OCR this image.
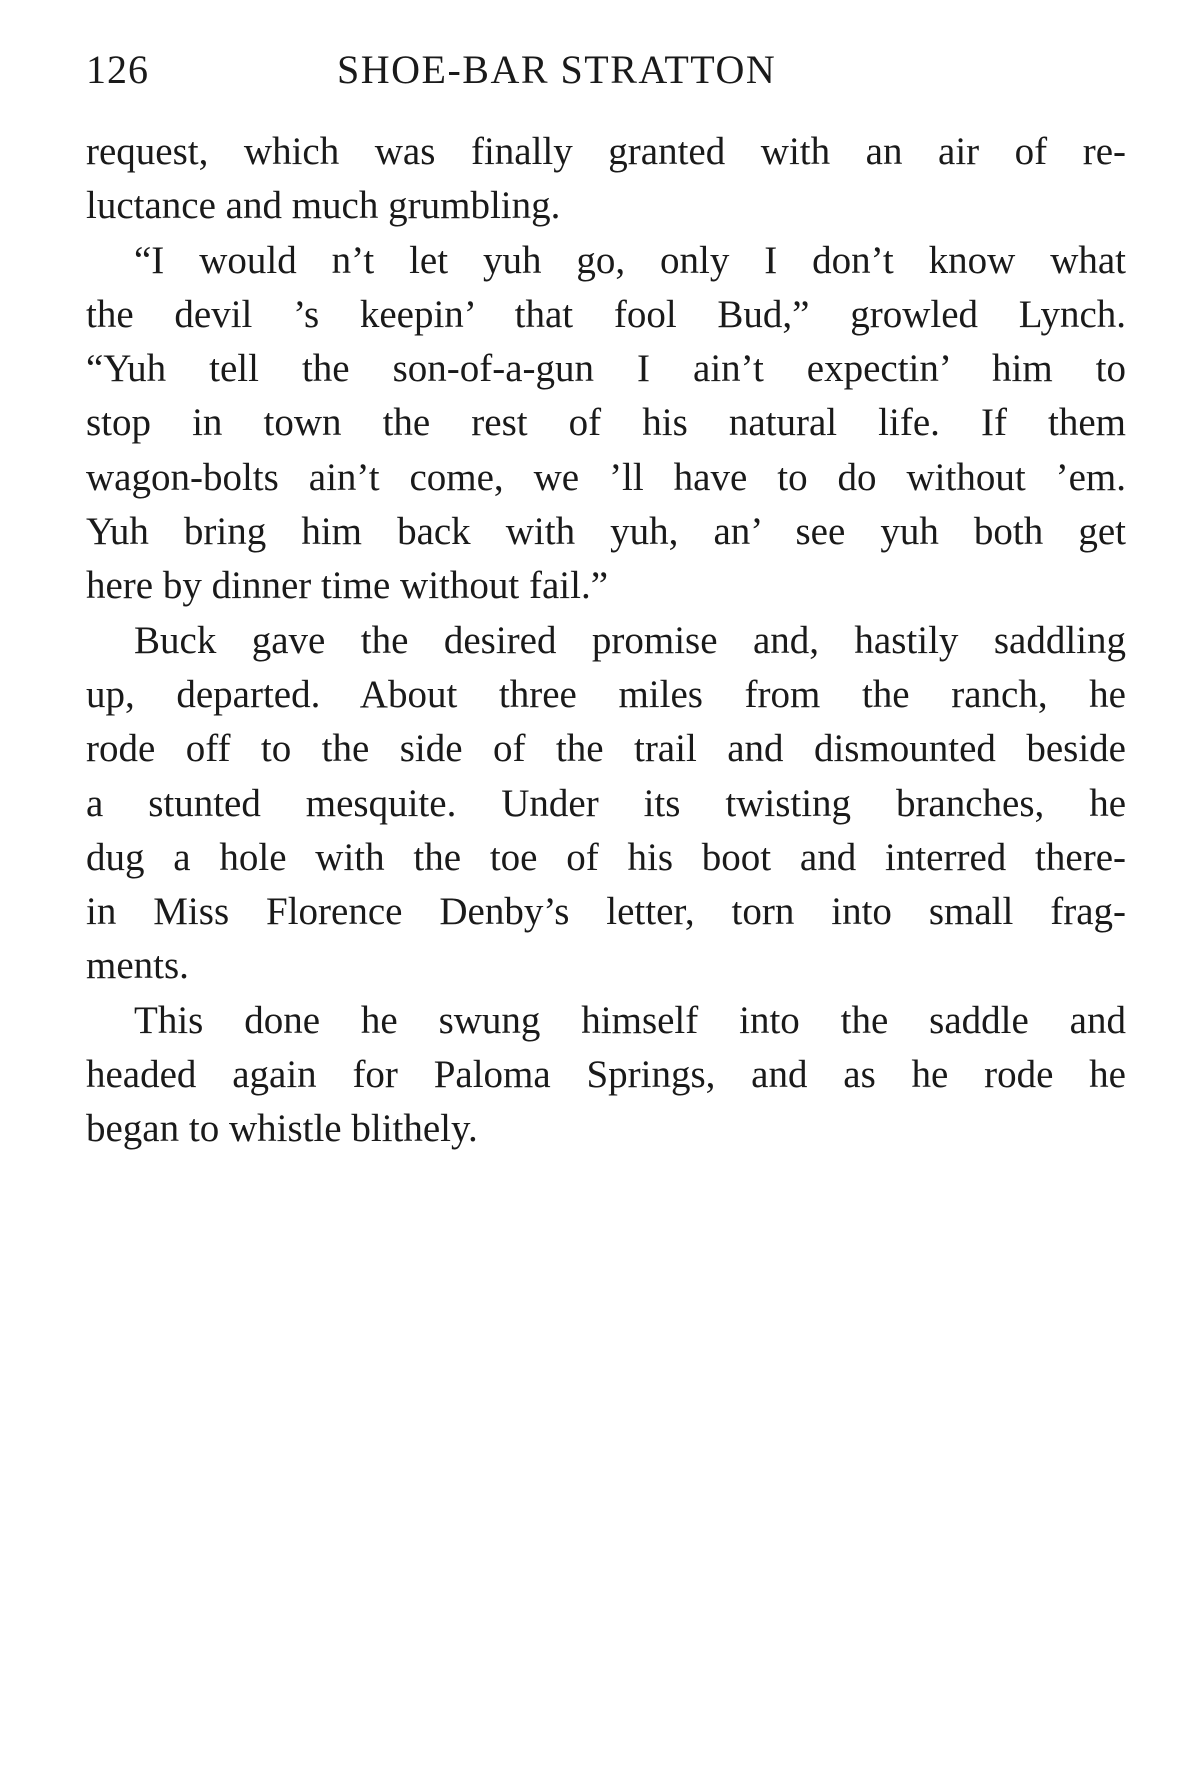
126	SHOE-BAR STRATTON
request, which was finally granted with an air of re-
luctance and much grumbling.
“I would n’t let yuh go, only I don’t know what
the devil ’s keepin’ that fool Bud,” growled Lynch.
“Yuh tell the son-of-a-gun I ain’t expectin’ him to
stop in town the rest of his natural life. If them
wagon-bolts ain’t come, we ’ll have to do without ’em.
Yuh bring him back with yuh, an’ see yuh both get
here by dinner time without fail.”
Buck gave the desired promise and, hastily saddling
up, departed. About three miles from the ranch, he
rode off to the side of the trail and dismounted beside
a stunted mesquite. Under its twisting branches, he
dug a hole with the toe of his boot and interred there-
in Miss Florence Denby’s letter, torn into small frag-
ments.
This done he swung himself into the saddle and
headed again for Paloma Springs, and as he rode he
began to whistle blithely.
